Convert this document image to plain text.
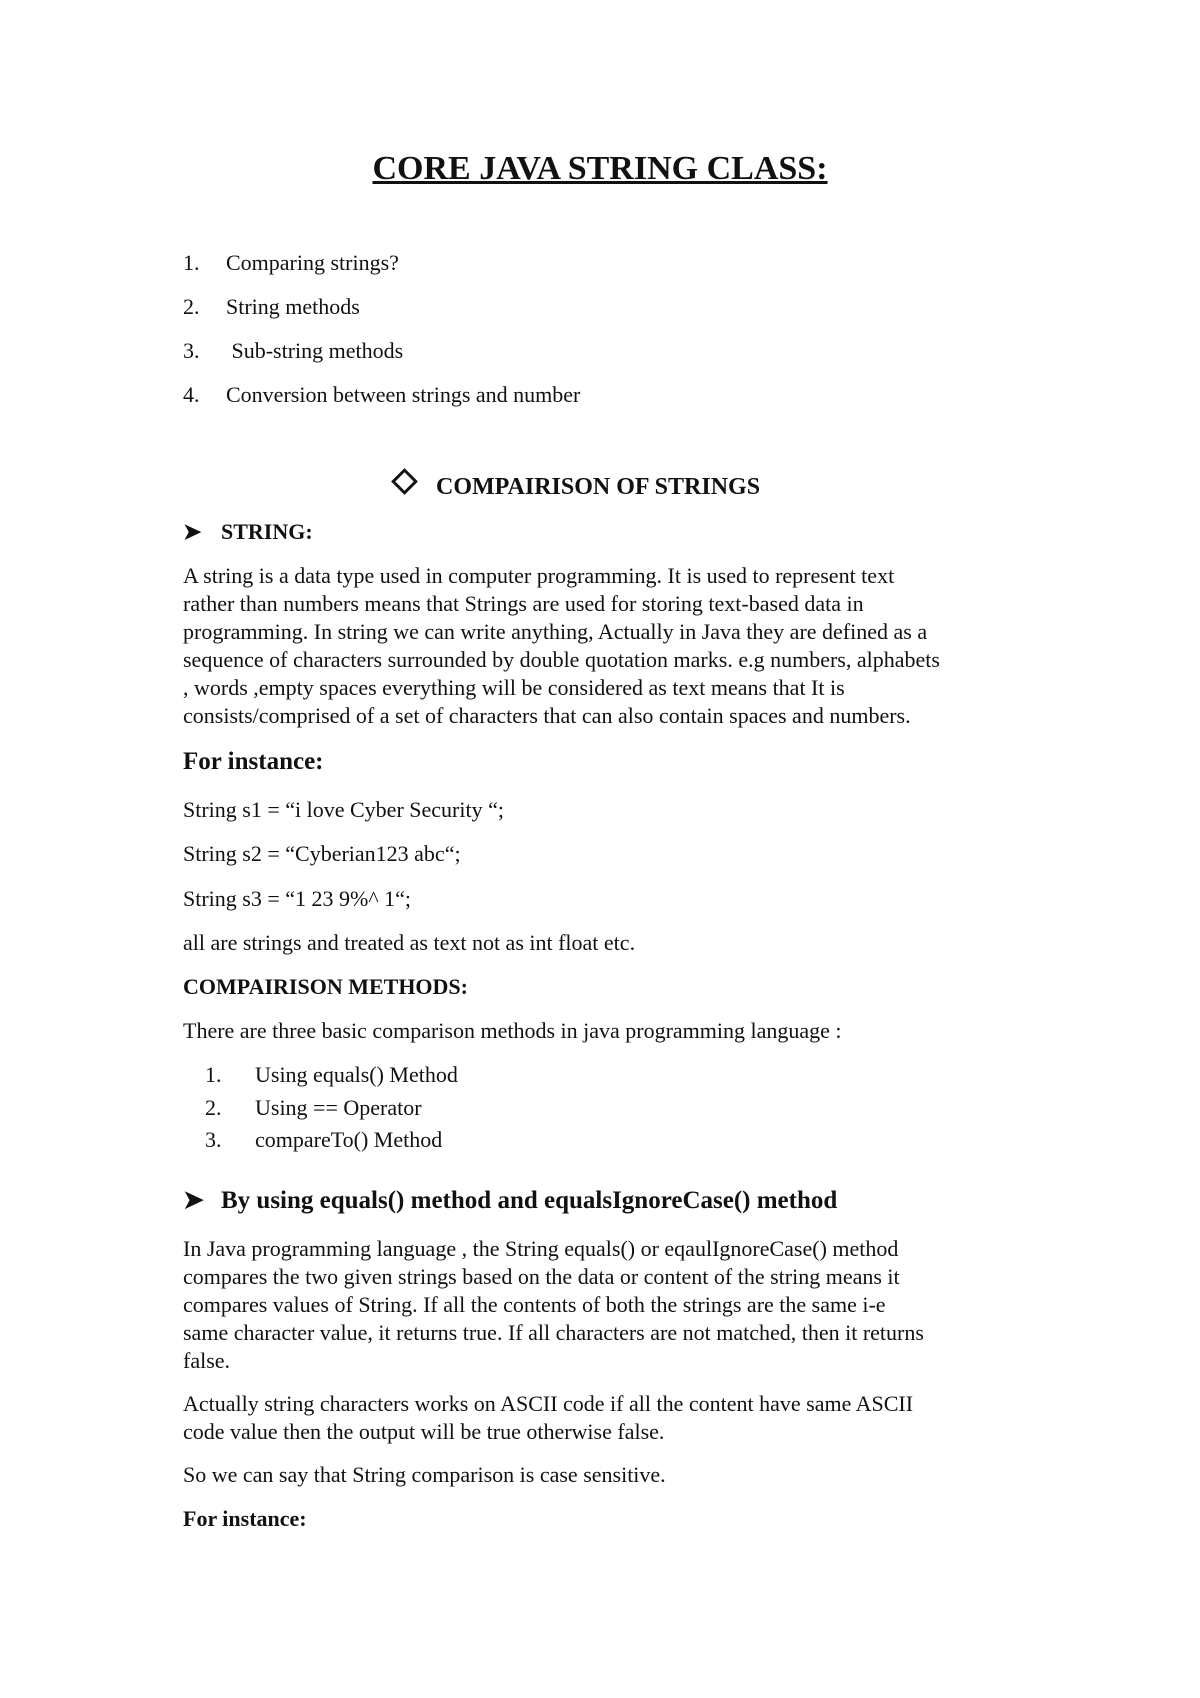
CORE JAVA STRING CLASS:
1. Comparing strings?
2. String methods
3. Sub-string methods
4. Conversion between strings and number
COMPAIRISON OF STRINGS
➤ STRING:

A string is a data type used in computer programming. It is used to represent text

rather than numbers means that Strings are used for storing text-based data in

programming. In string we can write anything, Actually in Java they are defined as a

sequence of characters surrounded by double quotation marks. e.g numbers, alphabets

, words ,empty spaces everything will be considered as text means that It is

consists/comprised of a set of characters that can also contain spaces and numbers.

For instance:
String s1 = “i love Cyber Security “;
String s2 = “Cyberian123 abc“;
String s3 = “1 23 9%^ 1“;
all are strings and treated as text not as int float etc.
COMPAIRISON METHODS:
There are three basic comparison methods in java programming language :
1. Using equals() Method
2. Using == Operator
3. compareTo() Method
➤ By using equals() method and equalsIgnoreCase() method

In Java programming language , the String equals() or eqaulIgnoreCase() method

compares the two given strings based on the data or content of the string means it

compares values of String. If all the contents of both the strings are the same i-e

same character value, it returns true. If all characters are not matched, then it returns

false.

Actually string characters works on ASCII code if all the content have same ASCII

code value then the output will be true otherwise false.

So we can say that String comparison is case sensitive.
For instance:
